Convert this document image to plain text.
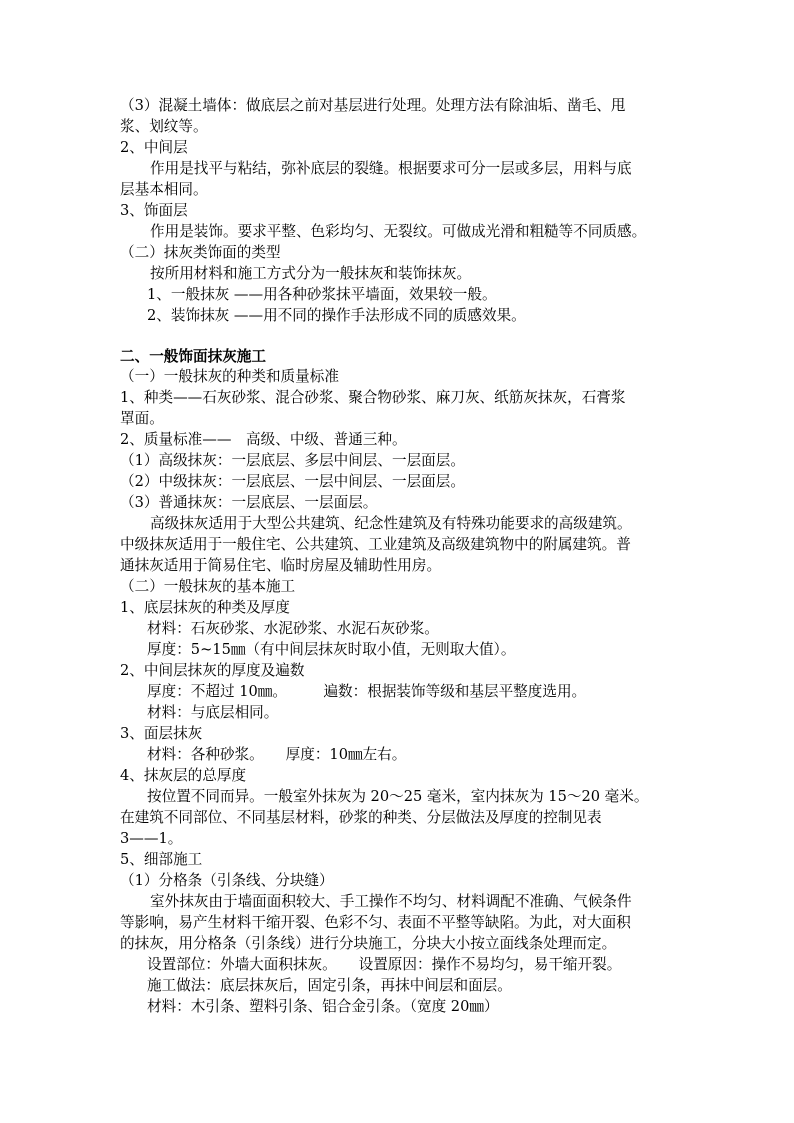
（3）混凝土墙体：做底层之前对基层进行处理。处理方法有除油垢、凿毛、甩
浆、划纹等。
2、中间层
作用是找平与粘结，弥补底层的裂缝。根据要求可分一层或多层，用料与底
层基本相同。
3、饰面层
作用是装饰。要求平整、色彩均匀、无裂纹。可做成光滑和粗糙等不同质感。
（二）抹灰类饰面的类型
按所用材料和施工方式分为一般抹灰和装饰抹灰。
1、一般抹灰 ——用各种砂浆抹平墙面，效果较一般。
2、装饰抹灰 ——用不同的操作手法形成不同的质感效果。
二、一般饰面抹灰施工
（一）一般抹灰的种类和质量标准
1、种类——石灰砂浆、混合砂浆、聚合物砂浆、麻刀灰、纸筋灰抹灰，石膏浆
罩面。
2、质量标准——　高级、中级、普通三种。
（1）高级抹灰：一层底层、多层中间层、一层面层。
（2）中级抹灰：一层底层、一层中间层、一层面层。
（3）普通抹灰：一层底层、一层面层。
高级抹灰适用于大型公共建筑、纪念性建筑及有特殊功能要求的高级建筑。
中级抹灰适用于一般住宅、公共建筑、工业建筑及高级建筑物中的附属建筑。普
通抹灰适用于简易住宅、临时房屋及辅助性用房。
（二）一般抹灰的基本施工
1、底层抹灰的种类及厚度
材料：石灰砂浆、水泥砂浆、水泥石灰砂浆。
厚度：5~15㎜（有中间层抹灰时取小值，无则取大值）。
2、中间层抹灰的厚度及遍数
厚度：不超过 10㎜。　　　遍数：根据装饰等级和基层平整度选用。
材料：与底层相同。
3、面层抹灰
材料：各种砂浆。　　厚度：10㎜左右。
4、抹灰层的总厚度
按位置不同而异。一般室外抹灰为 20～25 毫米，室内抹灰为 15～20 毫米。
在建筑不同部位、不同基层材料，砂浆的种类、分层做法及厚度的控制见表
3——1。
5、细部施工
（1）分格条（引条线、分块缝）
室外抹灰由于墙面面积较大、手工操作不均匀、材料调配不准确、气候条件
等影响，易产生材料干缩开裂、色彩不匀、表面不平整等缺陷。为此，对大面积
的抹灰，用分格条（引条线）进行分块施工，分块大小按立面线条处理而定。
设置部位：外墙大面积抹灰。　　设置原因：操作不易均匀，易干缩开裂。
施工做法：底层抹灰后，固定引条，再抹中间层和面层。
材料：木引条、塑料引条、铝合金引条。（宽度 20㎜）
